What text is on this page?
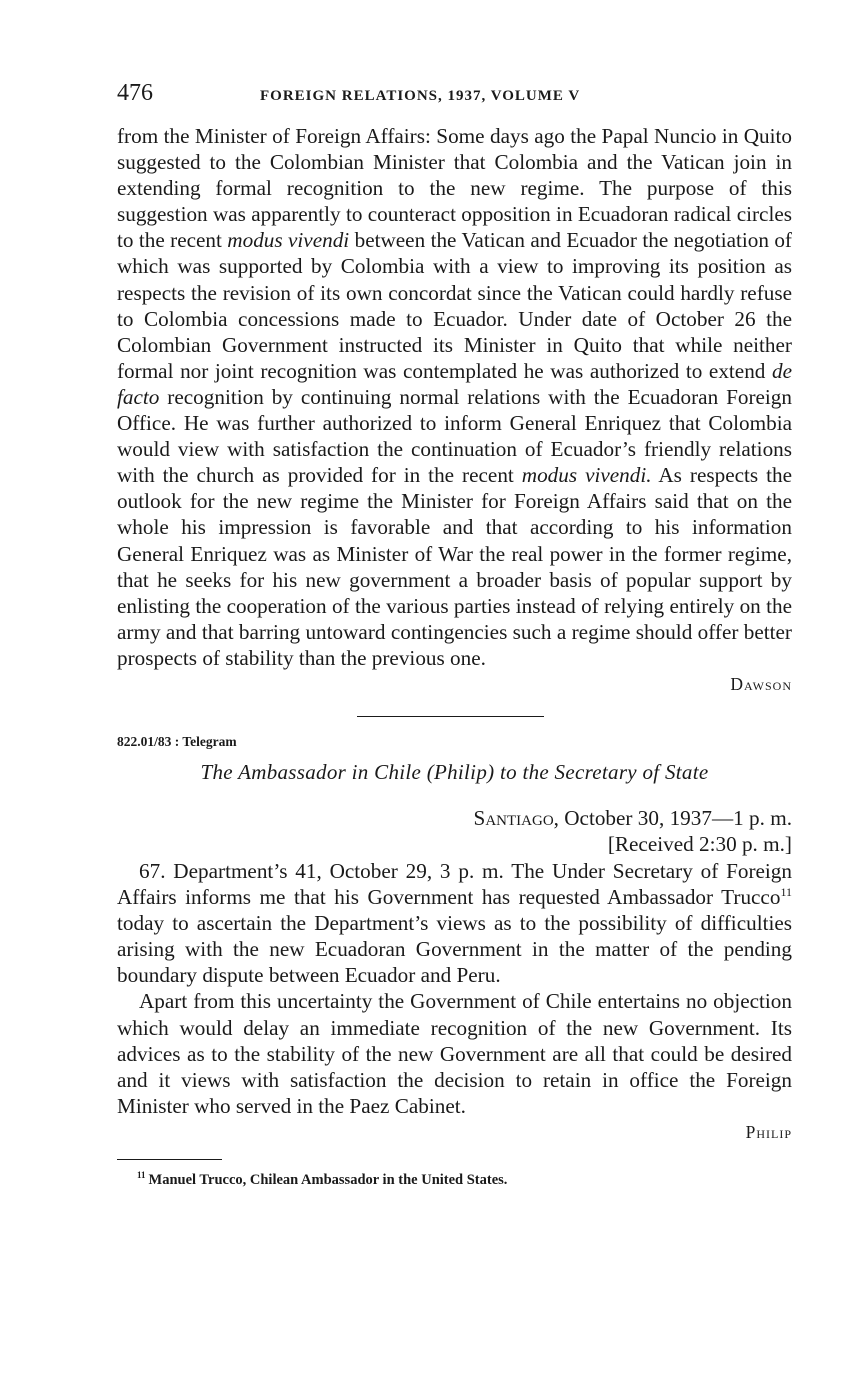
476	FOREIGN RELATIONS, 1937, VOLUME V

from the Minister of Foreign Affairs: Some days ago the Papal Nuncio in Quito suggested to the Colombian Minister that Colombia and the Vatican join in extending formal recognition to the new regime. The purpose of this suggestion was apparently to counteract opposition in Ecuadoran radical circles to the recent modus vivendi between the Vatican and Ecuador the negotiation of which was supported by Colombia with a view to improving its position as respects the revision of its own concordat since the Vatican could hardly refuse to Colombia concessions made to Ecuador. Under date of October 26 the Colombian Government instructed its Minister in Quito that while neither formal nor joint recognition was contemplated he was authorized to extend de facto recognition by continuing normal relations with the Ecuadoran Foreign Office. He was further authorized to inform General Enriquez that Colombia would view with satisfaction the continuation of Ecuador’s friendly relations with the church as provided for in the recent modus vivendi. As respects the outlook for the new regime the Minister for Foreign Affairs said that on the whole his impression is favorable and that according to his information General Enriquez was as Minister of War the real power in the former regime, that he seeks for his new government a broader basis of popular support by enlisting the cooperation of the various parties instead of relying entirely on the army and that barring untoward contingencies such a regime should offer better prospects of stability than the previous one.

Dawson
822.01/83 : Telegram
The Ambassador in Chile (Philip) to the Secretary of State
Santiago, October 30, 1937—1 p. m.
[Received 2:30 p. m.]

67. Department’s 41, October 29, 3 p. m. The Under Secretary of Foreign Affairs informs me that his Government has requested Ambassador Trucco$^{11}$ today to ascertain the Department’s views as to the possibility of difficulties arising with the new Ecuadoran Government in the matter of the pending boundary dispute between Ecuador and Peru.

Apart from this uncertainty the Government of Chile entertains no objection which would delay an immediate recognition of the new Government. Its advices as to the stability of the new Government are all that could be desired and it views with satisfaction the decision to retain in office the Foreign Minister who served in the Paez Cabinet.

Philip
$^{11}$ Manuel Trucco, Chilean Ambassador in the United States.
